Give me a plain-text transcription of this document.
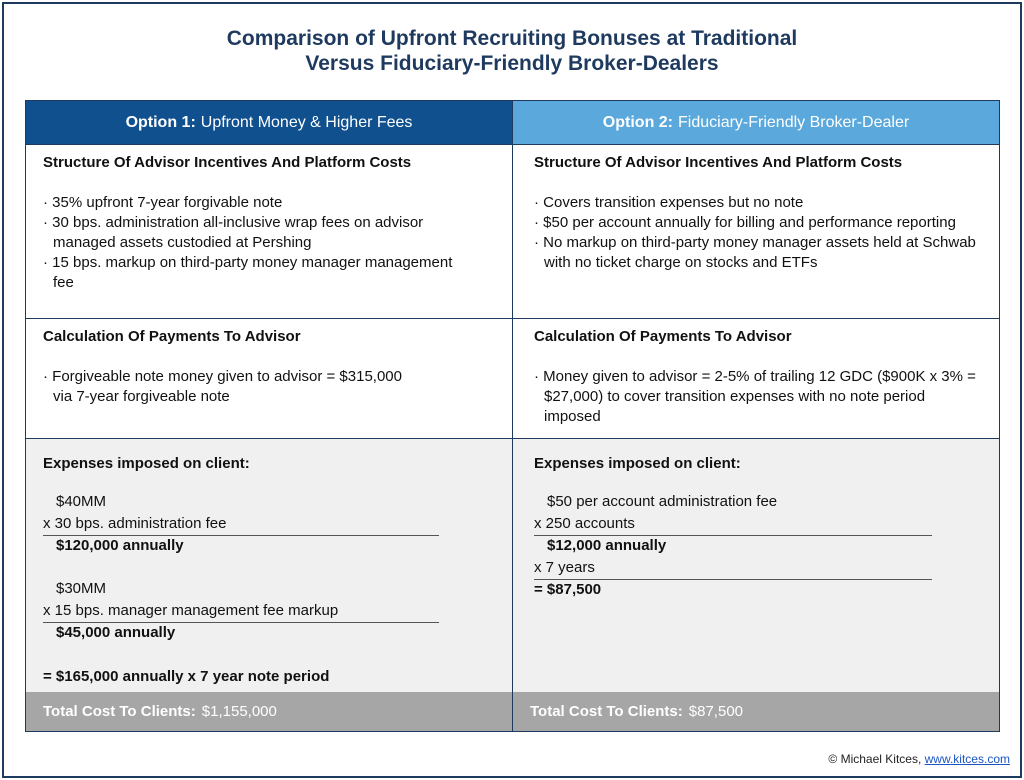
Comparison of Upfront Recruiting Bonuses at Traditional
Versus Fiduciary-Friendly Broker-Dealers
Option 1: Upfront Money & Higher Fees
Structure Of Advisor Incentives And Platform Costs
· 35% upfront 7-year forgivable note
· 30 bps. administration all-inclusive wrap fees on advisor managed assets custodied at Pershing
· 15 bps. markup on third-party money manager management fee
Calculation Of Payments To Advisor
· Forgiveable note money given to advisor = $315,000 via 7-year forgiveable note
Expenses imposed on client:
$40MM
x 30 bps. administration fee
$120,000 annually
$30MM
x 15 bps. manager management fee markup
$45,000 annually
= $165,000 annually x 7 year note period
Total Cost To Clients: $1,155,000
Option 2: Fiduciary-Friendly Broker-Dealer
Structure Of Advisor Incentives And Platform Costs
· Covers transition expenses but no note
· $50 per account annually for billing and performance reporting
· No markup on third-party money manager assets held at Schwab with no ticket charge on stocks and ETFs
Calculation Of Payments To Advisor
· Money given to advisor = 2-5% of trailing 12 GDC ($900K x 3% = $27,000) to cover transition expenses with no note period imposed
Expenses imposed on client:
$50 per account administration fee
x 250 accounts
$12,000 annually
x 7 years
= $87,500
Total Cost To Clients: $87,500
© Michael Kitces, www.kitces.com
